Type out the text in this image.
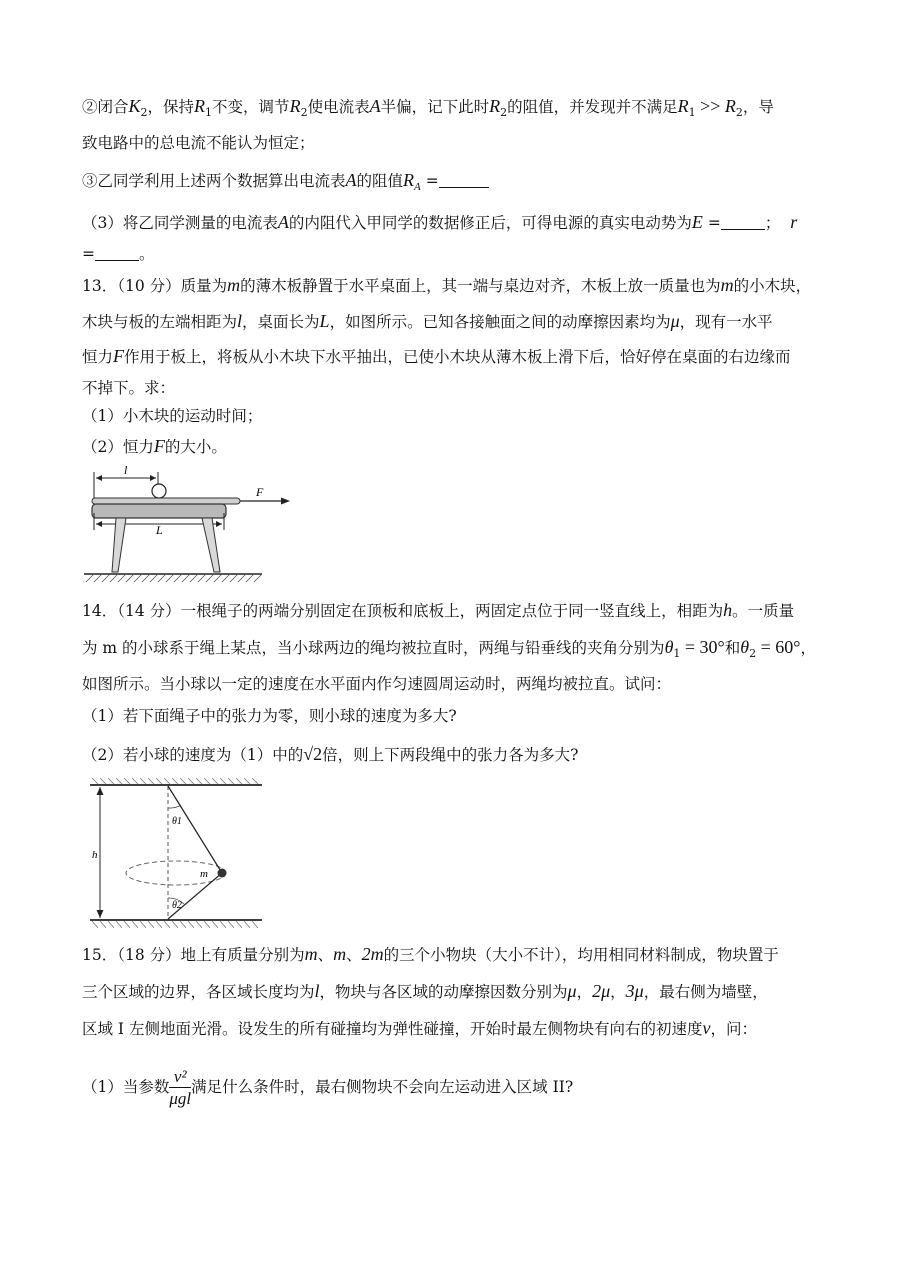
②闭合$K_2$，保持$R_1$不变，调节$R_2$使电流表A半偏，记下此时$R_2$的阻值，并发现并不满足$R_1 >> R_2$，导
致电路中的总电流不能认为恒定；
③乙同学利用上述两个数据算出电流表A的阻值$R_A$ =
（3）将乙同学测量的电流表A的内阻代入甲同学的数据修正后，可得电源的真实电动势为E =	； r
=	。
13．（10 分）质量为m的薄木板静置于水平桌面上，其一端与桌边对齐，木板上放一质量也为m的小木块，
木块与板的左端相距为l，桌面长为L，如图所示。已知各接触面之间的动摩擦因素均为μ，现有一水平
恒力F作用于板上，将板从小木块下水平抽出，已使小木块从薄木板上滑下后，恰好停在桌面的右边缘而
不掉下。求：
（1）小木块的运动时间；
（2）恒力F的大小。
l
F
L
14．（14 分）一根绳子的两端分别固定在顶板和底板上，两固定点位于同一竖直线上，相距为h。一质量
为 m 的小球系于绳上某点，当小球两边的绳均被拉直时，两绳与铅垂线的夹角分别为$\theta_1 = 30^\circ$和$\theta_2 = 60^\circ$，
如图所示。当小球以一定的速度在水平面内作匀速圆周运动时，两绳均被拉直。试问：
（1）若下面绳子中的张力为零，则小球的速度为多大?
（2）若小球的速度为（1）中的√2倍，则上下两段绳中的张力各为多大?
h
θ1
m
θ2
15．（18 分）地上有质量分别为m、m、2m的三个小物块（大小不计），均用相同材料制成，物块置于
三个区域的边界，各区域长度均为l，物块与各区域的动摩擦因数分别为μ，2μ，3μ，最右侧为墙壁，
区域 I 左侧地面光滑。设发生的所有碰撞均为弹性碰撞，开始时最左侧物块有向右的初速度v，问：
（1）当参数 $\frac{\text{v²}}{\text{μgl}}$ 满足什么条件时，最右侧物块不会向左运动进入区域 II?
